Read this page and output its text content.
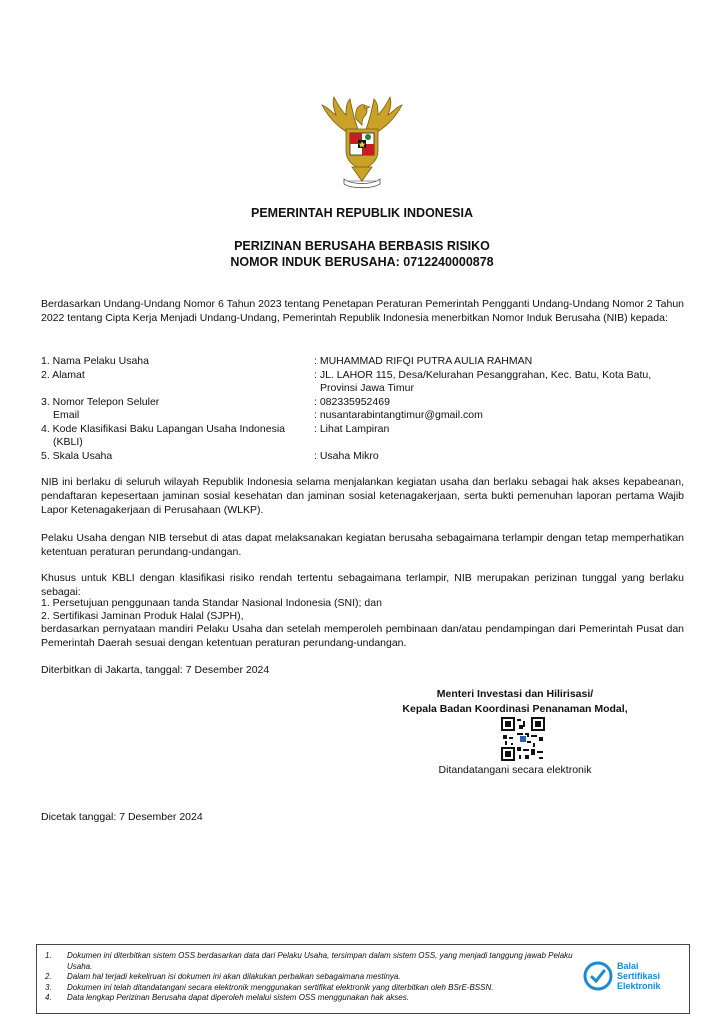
PEMERINTAH REPUBLIK INDONESIA
PERIZINAN BERUSAHA BERBASIS RISIKO
NOMOR INDUK BERUSAHA: 0712240000878
Berdasarkan Undang-Undang Nomor 6 Tahun 2023 tentang Penetapan Peraturan Pemerintah Pengganti Undang-Undang Nomor 2 Tahun 2022 tentang Cipta Kerja Menjadi Undang-Undang, Pemerintah Republik Indonesia menerbitkan Nomor Induk Berusaha (NIB) kepada:
1. Nama Pelaku Usaha	: MUHAMMAD RIFQI PUTRA AULIA RAHMAN
2. Alamat	: JL. LAHOR 115, Desa/Kelurahan Pesanggrahan, Kec. Batu, Kota Batu,
Provinsi Jawa Timur
3. Nomor Telepon Seluler	: 082335952469
Email	: nusantarabintangtimur@gmail.com
4. Kode Klasifikasi Baku Lapangan Usaha Indonesia	: Lihat Lampiran
(KBLI)
5. Skala Usaha	: Usaha Mikro
NIB ini berlaku di seluruh wilayah Republik Indonesia selama menjalankan kegiatan usaha dan berlaku sebagai hak akses kepabeanan, pendaftaran kepesertaan jaminan sosial kesehatan dan jaminan sosial ketenagakerjaan, serta bukti pemenuhan laporan pertama Wajib Lapor Ketenagakerjaan di Perusahaan (WLKP).
Pelaku Usaha dengan NIB tersebut di atas dapat melaksanakan kegiatan berusaha sebagaimana terlampir dengan tetap memperhatikan ketentuan peraturan perundang-undangan.
Khusus untuk KBLI dengan klasifikasi risiko rendah tertentu sebagaimana terlampir, NIB merupakan perizinan tunggal yang berlaku sebagai:
1. Persetujuan penggunaan tanda Standar Nasional Indonesia (SNI); dan
2. Sertifikasi Jaminan Produk Halal (SJPH),
berdasarkan pernyataan mandiri Pelaku Usaha dan setelah memperoleh pembinaan dan/atau pendampingan dari Pemerintah Pusat dan Pemerintah Daerah sesuai dengan ketentuan peraturan perundang-undangan.
Diterbitkan di Jakarta, tanggal: 7 Desember 2024
Menteri Investasi dan Hilirisasi/
Kepala Badan Koordinasi Penanaman Modal,
Ditandatangani secara elektronik
Dicetak tanggal: 7 Desember 2024
1.	Dokumen ini diterbitkan sistem OSS berdasarkan data dari Pelaku Usaha, tersimpan dalam sistem OSS, yang menjadi tanggung jawab Pelaku Usaha.
2.	Dalam hal terjadi kekeliruan isi dokumen ini akan dilakukan perbaikan sebagaimana mestinya.
3.	Dokumen ini telah ditandatangani secara elektronik menggunakan sertifikat elektronik yang diterbitkan oleh BSrE-BSSN.
4.	Data lengkap Perizinan Berusaha dapat diperoleh melalui sistem OSS menggunakan hak akses.
Balai
Sertifikasi
Elektronik
